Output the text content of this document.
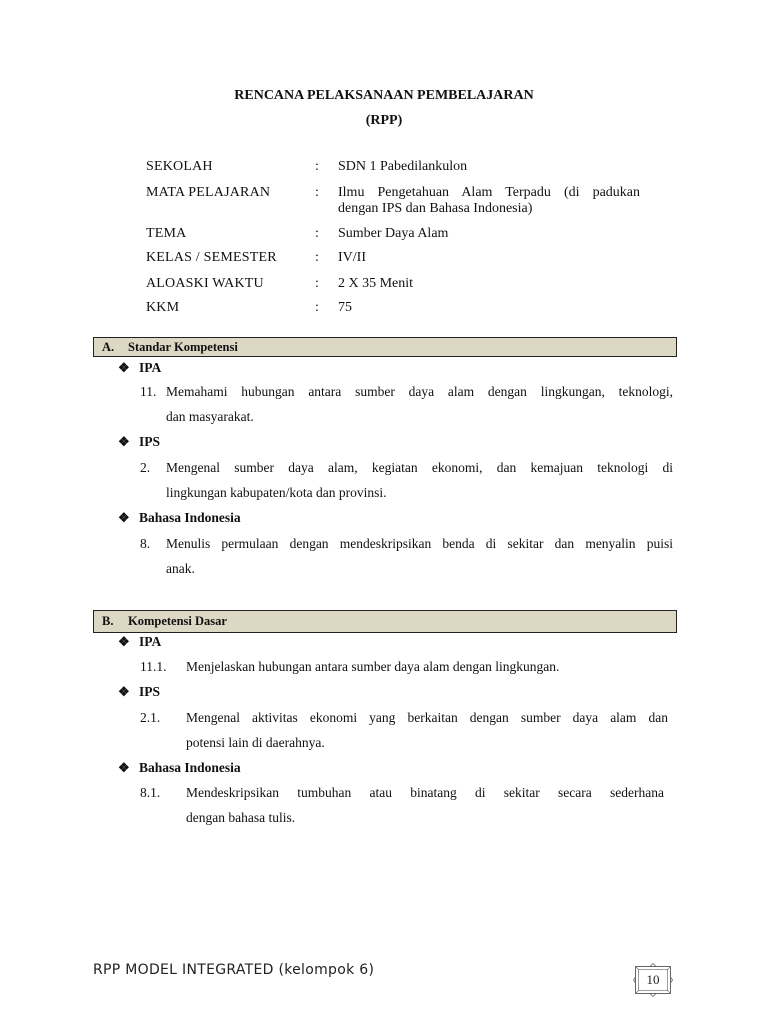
RENCANA PELAKSANAAN PEMBELAJARAN
(RPP)
SEKOLAH	: SDN 1 Pabedilankulon
MATA PELAJARAN	: Ilmu Pengetahuan Alam Terpadu (di padukan
dengan IPS dan Bahasa Indonesia)
TEMA	: Sumber Daya Alam
KELAS / SEMESTER	: IV/II
ALOASKI WAKTU	: 2 X 35 Menit
KKM	: 75
A. Standar Kompetensi
❖ IPA
11. Memahami hubungan antara sumber daya alam dengan lingkungan, teknologi,
dan masyarakat.
❖ IPS
2. Mengenal sumber daya alam, kegiatan ekonomi, dan kemajuan teknologi di
lingkungan kabupaten/kota dan provinsi.
❖ Bahasa Indonesia
8. Menulis permulaan dengan mendeskripsikan benda di sekitar dan menyalin puisi
anak.
B. Kompetensi Dasar
❖ IPA
11.1. Menjelaskan hubungan antara sumber daya alam dengan lingkungan.
❖ IPS
2.1. Mengenal aktivitas ekonomi yang berkaitan dengan sumber daya alam dan
potensi lain di daerahnya.
❖ Bahasa Indonesia
8.1. Mendeskripsikan tumbuhan atau binatang di sekitar secara sederhana
dengan bahasa tulis.
RPP MODEL INTEGRATED (kelompok 6)
10
